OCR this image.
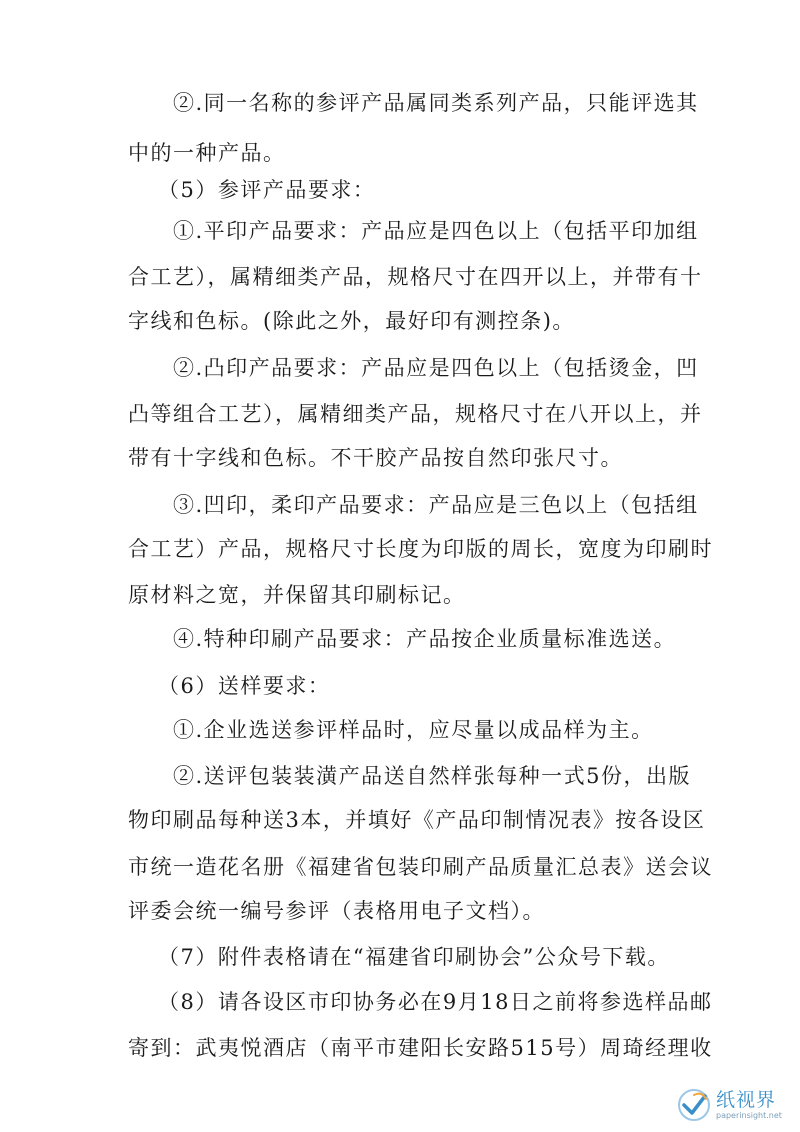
②.同一名称的参评产品属同类系列产品，只能评选其
中的一种产品。
（5）参评产品要求：
①.平印产品要求：产品应是四色以上（包括平印加组
合工艺），属精细类产品，规格尺寸在四开以上，并带有十
字线和色标。(除此之外，最好印有测控条)。
②.凸印产品要求：产品应是四色以上（包括烫金，凹
凸等组合工艺），属精细类产品，规格尺寸在八开以上，并
带有十字线和色标。不干胶产品按自然印张尺寸。
③.凹印，柔印产品要求：产品应是三色以上（包括组
合工艺）产品，规格尺寸长度为印版的周长，宽度为印刷时
原材料之宽，并保留其印刷标记。
④.特种印刷产品要求：产品按企业质量标准选送。
（6）送样要求：
①.企业选送参评样品时，应尽量以成品样为主。
②.送评包装装潢产品送自然样张每种一式5份，出版
物印刷品每种送3本，并填好《产品印制情况表》按各设区
市统一造花名册《福建省包装印刷产品质量汇总表》送会议
评委会统一编号参评（表格用电子文档）。
（7）附件表格请在“福建省印刷协会”公众号下载。
（8）请各设区市印协务必在9月18日之前将参选样品邮
寄到：武夷悦酒店（南平市建阳长安路515号）周琦经理收
纸视界
paperinsight.net
